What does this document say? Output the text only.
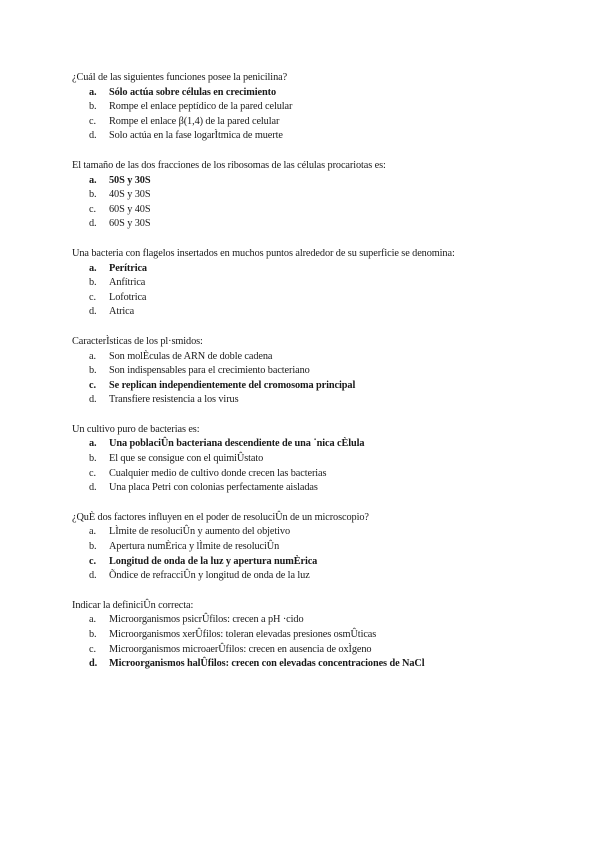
¿Cuál de las siguientes funciones posee la penicilina?
a.	Sólo actúa sobre células en crecimiento
b.	Rompe el enlace peptídico de la pared celular
c.	Rompe el enlace β(1,4) de la pared celular
d.	Solo actúa en la fase logarÌtmica de muerte
El tamaño de las dos fracciones de los ribosomas de las células procariotas es:
a.	50S y 30S
b.	40S y 30S
c.	60S y 40S
d.	60S y 30S
Una bacteria con flagelos insertados en muchos puntos alrededor de su superficie se denomina:
a.	Perítrica
b.	Anfítrica
c.	Lofotrica
d.	Atrica
CaracterÌsticas de los pl·smidos:
a.	Son molÈculas de ARN de doble cadena
b.	Son indispensables para el crecimiento bacteriano
c.	Se replican independientemente del cromosoma principal
d.	Transfiere resistencia a los virus
Un cultivo puro de bacterias es:
a.	Una poblaciÛn bacteriana descendiente de una ˙nica cÈlula
b.	El que se consigue con el quimiÛstato
c.	Cualquier medio de cultivo donde crecen las bacterias
d.	Una placa Petri con colonias perfectamente aisladas
¿QuÈ dos factores influyen en el poder de resoluciÛn de un microscopio?
a.	LÌmite de resoluciÛn y aumento del objetivo
b.	Apertura numÈrica y lÌmite de resoluciÛn
c.	Longitud de onda de la luz y apertura numÈrica
d.	Õndice de refracciÛn y longitud de onda de la luz
Indicar la definiciÛn correcta:
a.	Microorganismos psicrÛfilos: crecen a pH ·cido
b.	Microorganismos xerÛfilos: toleran elevadas presiones osmÛticas
c.	Microorganismos microaerÛfilos: crecen en ausencia de oxÌgeno
d.	Microorganismos halÛfilos: crecen con elevadas concentraciones de NaCl
